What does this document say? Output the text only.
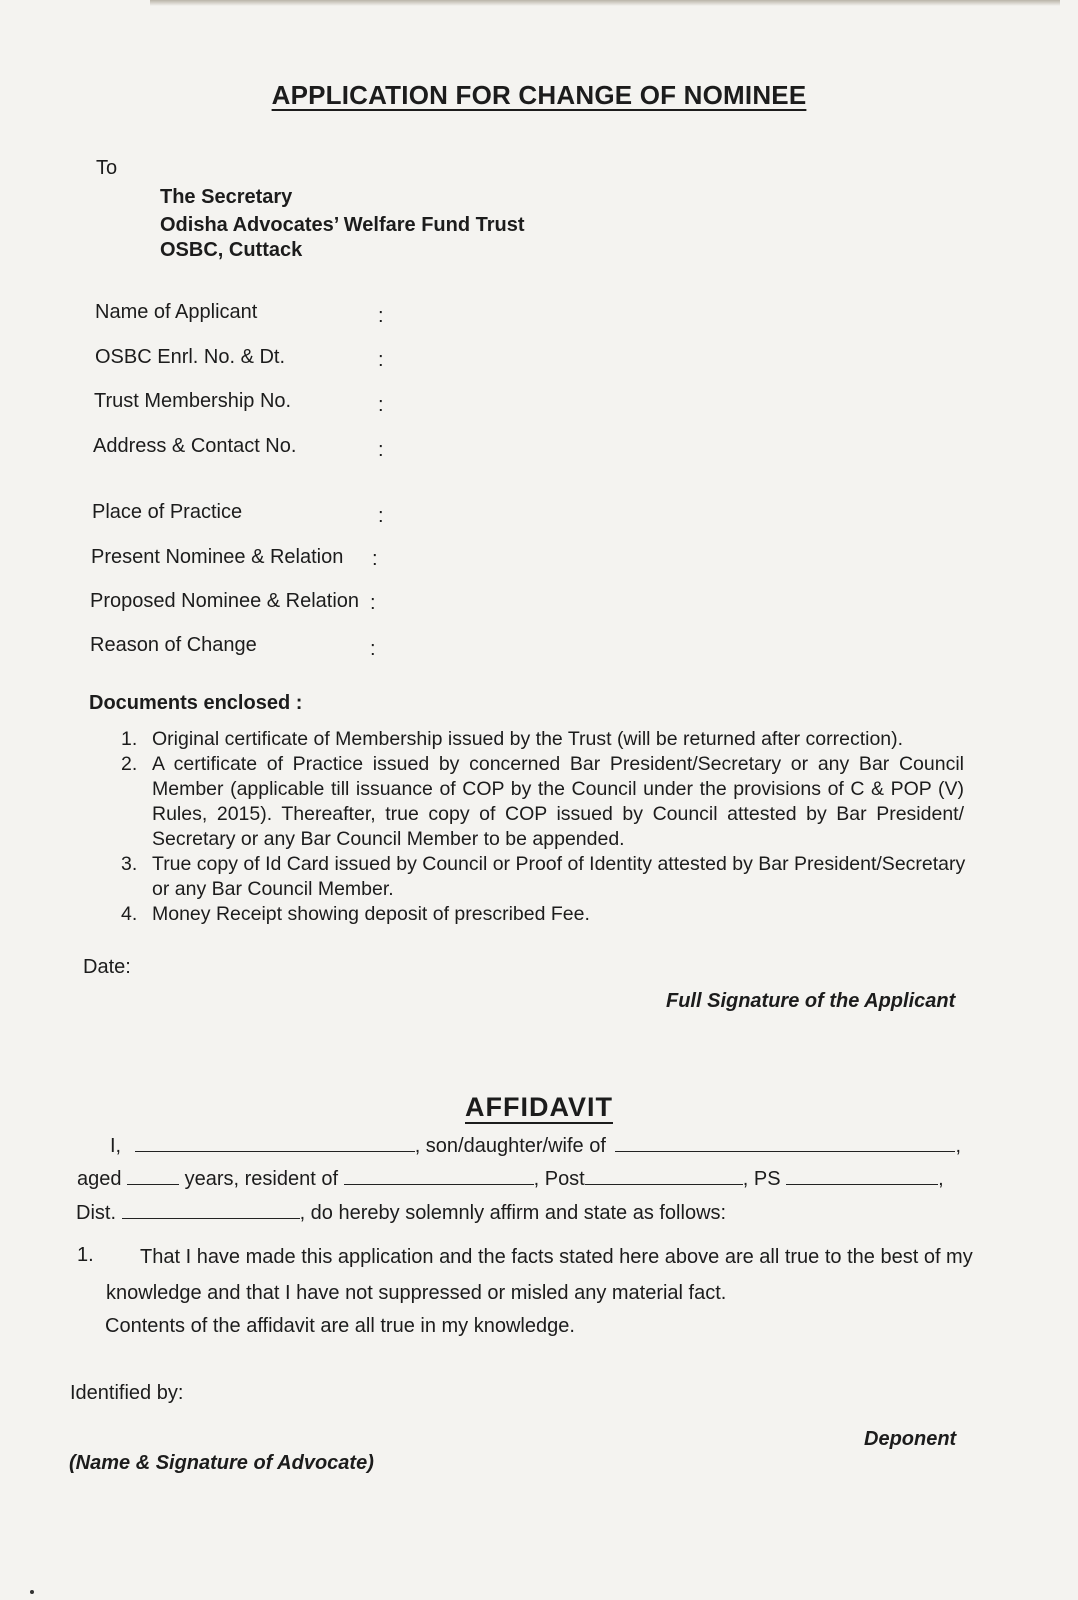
APPLICATION FOR CHANGE OF NOMINEE
To
The Secretary
Odisha Advocates’ Welfare Fund Trust
OSBC, Cuttack
Name of Applicant	:
OSBC Enrl. No. & Dt.	:
Trust Membership No.	:
Address & Contact No.	:
Place of Practice	:
Present Nominee & Relation :
Proposed Nominee & Relation :
Reason of Change	:
Documents enclosed :
1. Original certificate of Membership issued by the Trust (will be returned after correction).
2. A certificate of Practice issued by concerned Bar President/Secretary or any Bar Council Member (applicable till issuance of COP by the Council under the provisions of C & POP (V) Rules, 2015). Thereafter, true copy of COP issued by Council attested by Bar President/ Secretary or any Bar Council Member to be appended.
3. True copy of Id Card issued by Council or Proof of Identity attested by Bar President/Secretary or any Bar Council Member.
4. Money Receipt showing deposit of prescribed Fee.
Date:
Full Signature of the Applicant
AFFIDAVIT
I,	, son/daughter/wife of	,
aged	years, resident of	, Post	, PS	,
Dist.	, do hereby solemnly affirm and state as follows:
1. That I have made this application and the facts stated here above are all true to the best of my
knowledge and that I have not suppressed or misled any material fact.
Contents of the affidavit are all true in my knowledge.
Identified by:
Deponent
(Name & Signature of Advocate)
